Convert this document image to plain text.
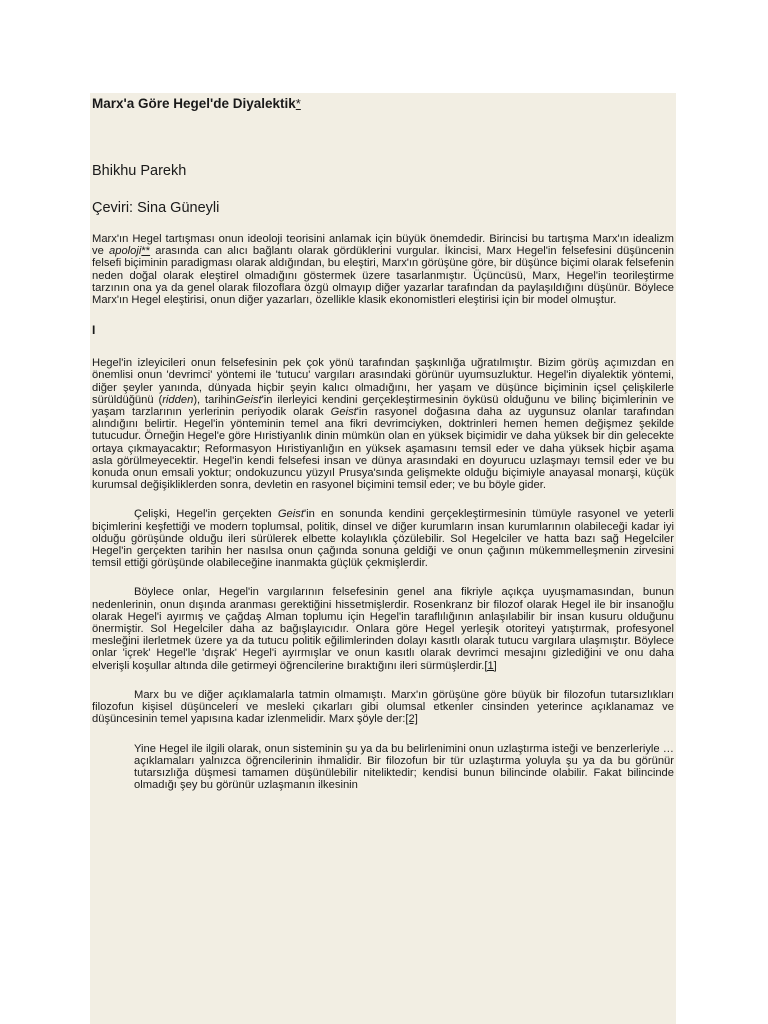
Marx'a Göre Hegel'de Diyalektik*

Bhikhu Parekh

Çeviri: Sina Güneyli

Marx'ın Hegel tartışması onun ideoloji teorisini anlamak için büyük önemdedir. Birincisi bu tartışma Marx'ın idealizm ve apoloji** arasında can alıcı bağlantı olarak gördüklerini vurgular. İkincisi, Marx Hegel'in felsefesini düşüncenin felsefi biçiminin paradigması olarak aldığından, bu eleştiri, Marx'ın görüşüne göre, bir düşünce biçimi olarak felsefenin neden doğal olarak eleştirel olmadığını göstermek üzere tasarlanmıştır. Üçüncüsü, Marx, Hegel'in teorileştirme tarzının ona ya da genel olarak filozoflara özgü olmayıp diğer yazarlar tarafından da paylaşıldığını düşünür. Böylece Marx'ın Hegel eleştirisi, onun diğer yazarları, özellikle klasik ekonomistleri eleştirisi için bir model olmuştur.

I

Hegel'in izleyicileri onun felsefesinin pek çok yönü tarafından şaşkınlığa uğratılmıştır. Bizim görüş açımızdan en önemlisi onun 'devrimci' yöntemi ile 'tutucu' vargıları arasındaki görünür uyumsuzluktur. Hegel'in diyalektik yöntemi, diğer şeyler yanında, dünyada hiçbir şeyin kalıcı olmadığını, her yaşam ve düşünce biçiminin içsel çelişkilerle sürüldüğünü (ridden), tarihinGeist'in ilerleyici kendini gerçekleştirmesinin öyküsü olduğunu ve bilinç biçimlerinin ve yaşam tarzlarının yerlerinin periyodik olarak Geist'in rasyonel doğasına daha az uygunsuz olanlar tarafından alındığını belirtir. Hegel'in yönteminin temel ana fikri devrimciyken, doktrinleri hemen hemen değişmez şekilde tutucudur. Örneğin Hegel'e göre Hıristiyanlık dinin mümkün olan en yüksek biçimidir ve daha yüksek bir din gelecekte ortaya çıkmayacaktır; Reformasyon Hıristiyanlığın en yüksek aşamasını temsil eder ve daha yüksek hiçbir aşama asla görülmeyecektir. Hegel'in kendi felsefesi insan ve dünya arasındaki en doyurucu uzlaşmayı temsil eder ve bu konuda onun emsali yoktur; ondokuzuncu yüzyıl Prusya'sında gelişmekte olduğu biçimiyle anayasal monarşi, küçük kurumsal değişikliklerden sonra, devletin en rasyonel biçimini temsil eder; ve bu böyle gider.

Çelişki, Hegel'in gerçekten Geist'in en sonunda kendini gerçekleştirmesinin tümüyle rasyonel ve yeterli biçimlerini keşfettiği ve modern toplumsal, politik, dinsel ve diğer kurumların insan kurumlarının olabileceği kadar iyi olduğu görüşünde olduğu ileri sürülerek elbette kolaylıkla çözülebilir. Sol Hegelciler ve hatta bazı sağ Hegelciler Hegel'in gerçekten tarihin her nasılsa onun çağında sonuna geldiği ve onun çağının mükemmelleşmenin zirvesini temsil ettiği görüşünde olabileceğine inanmakta güçlük çekmişlerdir.

Böylece onlar, Hegel'in vargılarının felsefesinin genel ana fikriyle açıkça uyuşmamasından, bunun nedenlerinin, onun dışında aranması gerektiğini hissetmişlerdir. Rosenkranz bir filozof olarak Hegel ile bir insanoğlu olarak Hegel'i ayırmış ve çağdaş Alman toplumu için Hegel'in taraflılığının anlaşılabilir bir insan kusuru olduğunu önermiştir. Sol Hegelciler daha az bağışlayıcıdır. Onlara göre Hegel yerleşik otoriteyi yatıştırmak, profesyonel mesleğini ilerletmek üzere ya da tutucu politik eğilimlerinden dolayı kasıtlı olarak tutucu vargılara ulaşmıştır. Böylece onlar 'içrek' Hegel'le 'dışrak' Hegel'i ayırmışlar ve onun kasıtlı olarak devrimci mesajını gizlediğini ve onu daha elverişli koşullar altında dile getirmeyi öğrencilerine bıraktığını ileri sürmüşlerdir.[1]

Marx bu ve diğer açıklamalarla tatmin olmamıştı. Marx'ın görüşüne göre büyük bir filozofun tutarsızlıkları filozofun kişisel düşünceleri ve mesleki çıkarları gibi olumsal etkenler cinsinden yeterince açıklanamaz ve düşüncesinin temel yapısına kadar izlenmelidir. Marx şöyle der:[2]

Yine Hegel ile ilgili olarak, onun sisteminin şu ya da bu belirlenimini onun uzlaştırma isteği ve benzerleriyle … açıklamaları yalnızca öğrencilerinin ihmalidir. Bir filozofun bir tür uzlaştırma yoluyla şu ya da bu görünür tutarsızlığa düşmesi tamamen düşünülebilir niteliktedir; kendisi bunun bilincinde olabilir. Fakat bilincinde olmadığı şey bu görünür uzlaşmanın ilkesinin
